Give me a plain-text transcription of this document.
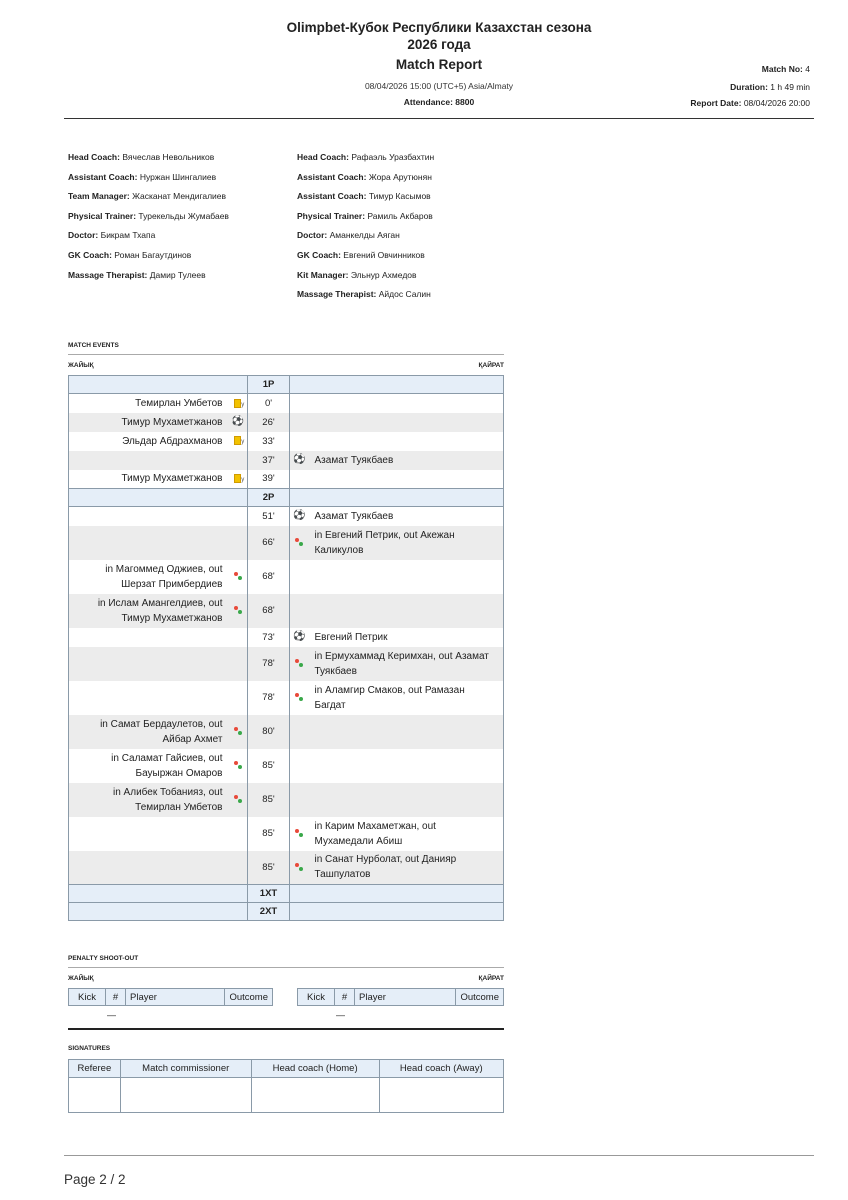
Olimpbet-Кубок Республики Казахстан сезона
2026 года
Match Report
08/04/2026 15:00 (UTC+5) Asia/Almaty
Attendance: 8800
Match No: 4
Duration: 1 h 49 min
Report Date: 08/04/2026 20:00
Head Coach: Вячеслав Невольников
Assistant Coach: Нуржан Шингалиев
Team Manager: Жасканат Мендигалиев
Physical Trainer: Турекельды Жумабаев
Doctor: Бикрам Тхапа
GK Coach: Роман Багаутдинов
Massage Therapist: Дамир Тулеев
Head Coach: Рафаэль Уразбахтин
Assistant Coach: Жора Арутюнян
Assistant Coach: Тимур Касымов
Physical Trainer: Рамиль Акбаров
Doctor: Аманкелды Аяган
GK Coach: Евгений Овчинников
Kit Manager: Эльнур Ахмедов
Massage Therapist: Айдос Салин
MATCH EVENTS
ЖАЙЫҚ	ҚАЙРАТ
		1P		
Темирлан Умбетов	y	0'		
Тимур Мухаметжанов	⚽	26'		
Эльдар Абдрахманов	y	33'		
		37'	⚽	Азамат Туякбаев
Тимур Мухаметжанов	y	39'		
		2P		
		51'	⚽	Азамат Туякбаев
		66'		in Евгений Петрик, out Акежан Каликулов
in Магоммед Оджиев, out Шерзат Примбердиев		68'		
in Ислам Амангелдиев, out Тимур Мухаметжанов		68'		
		73'	⚽	Евгений Петрик
		78'		in Ермухаммад Керимхан, out Азамат Туякбаев
		78'		in Аламгир Смаков, out Рамазан Багдат
in Самат Бердаулетов, out Айбар Ахмет		80'		
in Саламат Гайсиев, out Бауыржан Омаров		85'		
in Алибек Тобанияз, out Темирлан Умбетов		85'		
		85'		in Карим Махаметжан, out Мухамедали Абиш
		85'		in Санат Нурболат, out Данияр Ташпулатов
		1XT		
		2XT		
PENALTY SHOOT-OUT
ЖАЙЫҚ	ҚАЙРАТ
Kick	#	Player	Outcome	Kick	#	Player	Outcome
—	—
SIGNATURES
Referee	Match commissioner	Head coach (Home)	Head coach (Away)

Page 2 / 2
